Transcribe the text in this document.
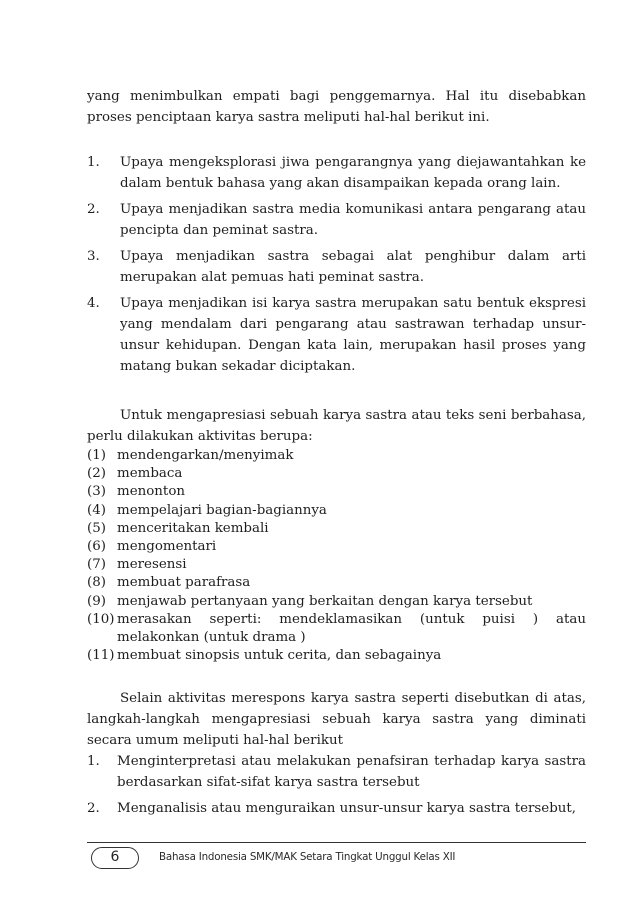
yang menimbulkan empati bagi penggemarnya. Hal itu disebabkan proses penciptaan karya sastra meliputi hal-hal berikut ini.

1.	Upaya mengeksplorasi jiwa pengarangnya yang diejawantahkan ke dalam bentuk bahasa yang akan disampaikan kepada orang lain.
2.	Upaya menjadikan sastra media komunikasi antara pengarang atau pencipta dan peminat sastra.
3.	Upaya menjadikan sastra sebagai alat penghibur dalam arti merupakan alat pemuas hati peminat sastra.
4.	Upaya menjadikan isi karya sastra merupakan satu bentuk ekspresi yang mendalam dari pengarang atau sastrawan terhadap unsur-unsur kehidupan. Dengan kata lain, merupakan hasil proses yang matang bukan sekadar diciptakan.

Untuk mengapresiasi sebuah karya sastra atau teks seni berbahasa, perlu dilakukan aktivitas berupa:

(1) mendengarkan/menyimak
(2) membaca
(3) menonton
(4) mempelajari bagian-bagiannya
(5) menceritakan kembali
(6) mengomentari
(7) meresensi
(8) membuat parafrasa
(9) menjawab pertanyaan yang berkaitan dengan karya tersebut
(10) merasakan seperti: mendeklamasikan (untuk puisi ) atau melakonkan (untuk drama )
(11) membuat sinopsis untuk cerita, dan sebagainya

Selain aktivitas merespons karya sastra seperti disebutkan di atas, langkah-langkah mengapresiasi sebuah karya sastra yang diminati secara umum meliputi hal-hal berikut

1.	Menginterpretasi atau melakukan penafsiran terhadap karya sastra berdasarkan sifat-sifat karya sastra tersebut
2.	Menganalisis atau menguraikan unsur-unsur karya sastra tersebut,
6	Bahasa Indonesia SMK/MAK Setara Tingkat Unggul Kelas XII
